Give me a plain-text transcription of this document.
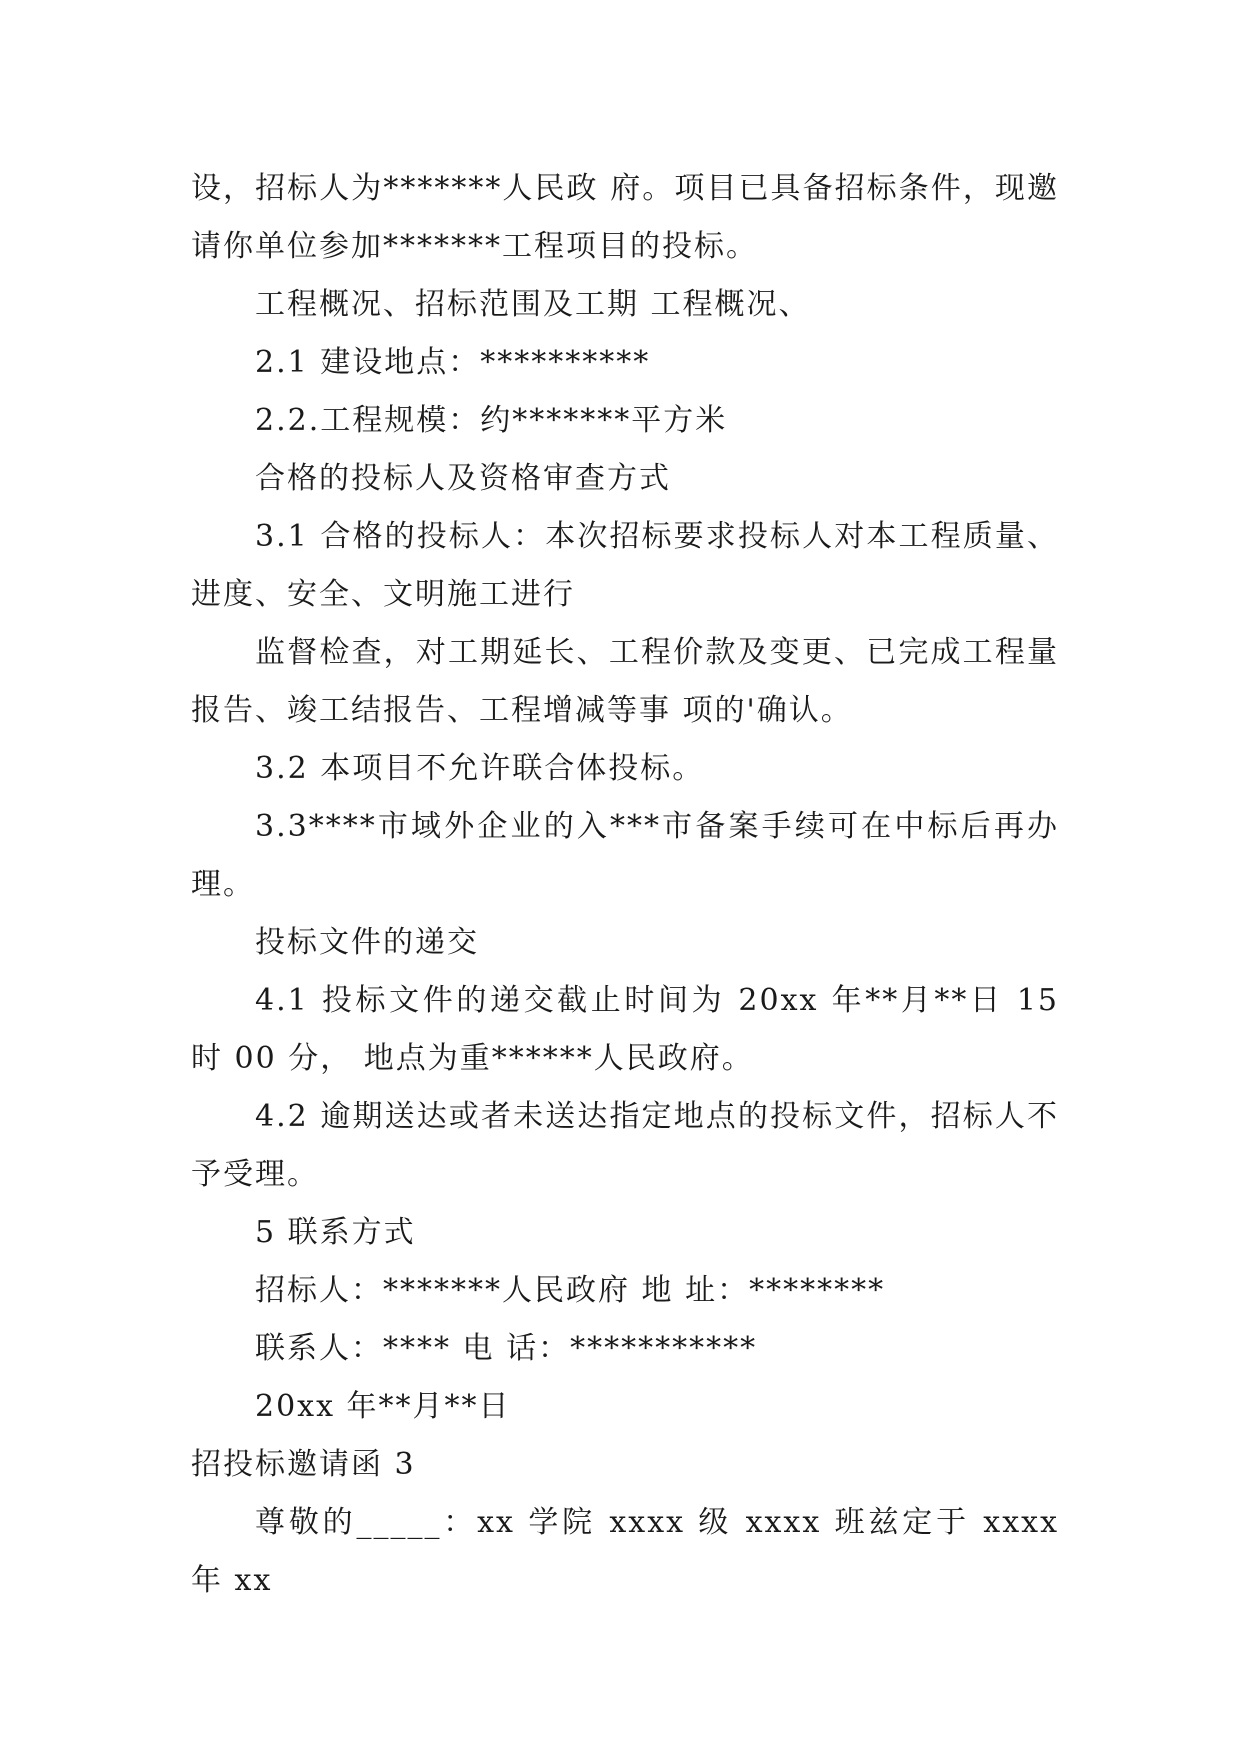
设，招标人为*******人民政 府。项目已具备招标条件，现邀请你单位参加*******工程项目的投标。

工程概况、招标范围及工期 工程概况、

2.1 建设地点：**********

2.2.工程规模：约*******平方米

合格的投标人及资格审查方式

3.1 合格的投标人：本次招标要求投标人对本工程质量、进度、安全、文明施工进行

监督检查，对工期延长、工程价款及变更、已完成工程量报告、竣工结报告、工程增减等事 项的'确认。

3.2 本项目不允许联合体投标。

3.3****市域外企业的入***市备案手续可在中标后再办理。

投标文件的递交

4.1 投标文件的递交截止时间为 20xx 年**月**日 15 时 00 分， 地点为重******人民政府。

4.2 逾期送达或者未送达指定地点的投标文件，招标人不予受理。

5 联系方式

招标人：*******人民政府 地 址：********

联系人：**** 电 话：***********

20xx 年**月**日

招投标邀请函 3

尊敬的_____：xx 学院 xxxx 级 xxxx 班兹定于 xxxx 年 xx
